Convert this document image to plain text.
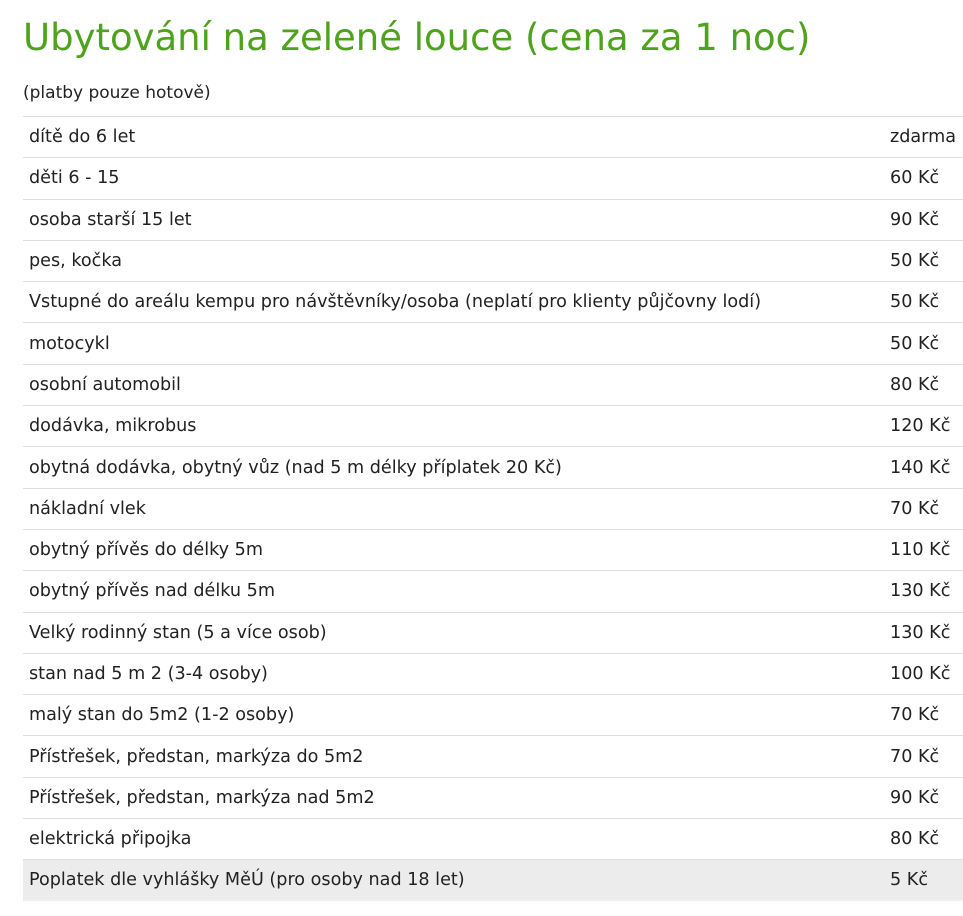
Ubytování na zelené louce (cena za 1 noc)
(platby pouze hotově)
dítě do 6 let	zdarma
děti 6 - 15	60 Kč
osoba starší 15 let	90 Kč
pes, kočka	50 Kč
Vstupné do areálu kempu pro návštěvníky/osoba (neplatí pro klienty půjčovny lodí)	50 Kč
motocykl	50 Kč
osobní automobil	80 Kč
dodávka, mikrobus	120 Kč
obytná dodávka, obytný vůz (nad 5 m délky příplatek 20 Kč)	140 Kč
nákladní vlek	70 Kč
obytný přívěs do délky 5m	110 Kč
obytný přívěs nad délku 5m	130 Kč
Velký rodinný stan (5 a více osob)	130 Kč
stan nad 5 m 2 (3-4 osoby)	100 Kč
malý stan do 5m2 (1-2 osoby)	70 Kč
Přístřešek, předstan, markýza do 5m2	70 Kč
Přístřešek, předstan, markýza nad 5m2	90 Kč
elektrická připojka	80 Kč
Poplatek dle vyhlášky MěÚ (pro osoby nad 18 let)	5 Kč
